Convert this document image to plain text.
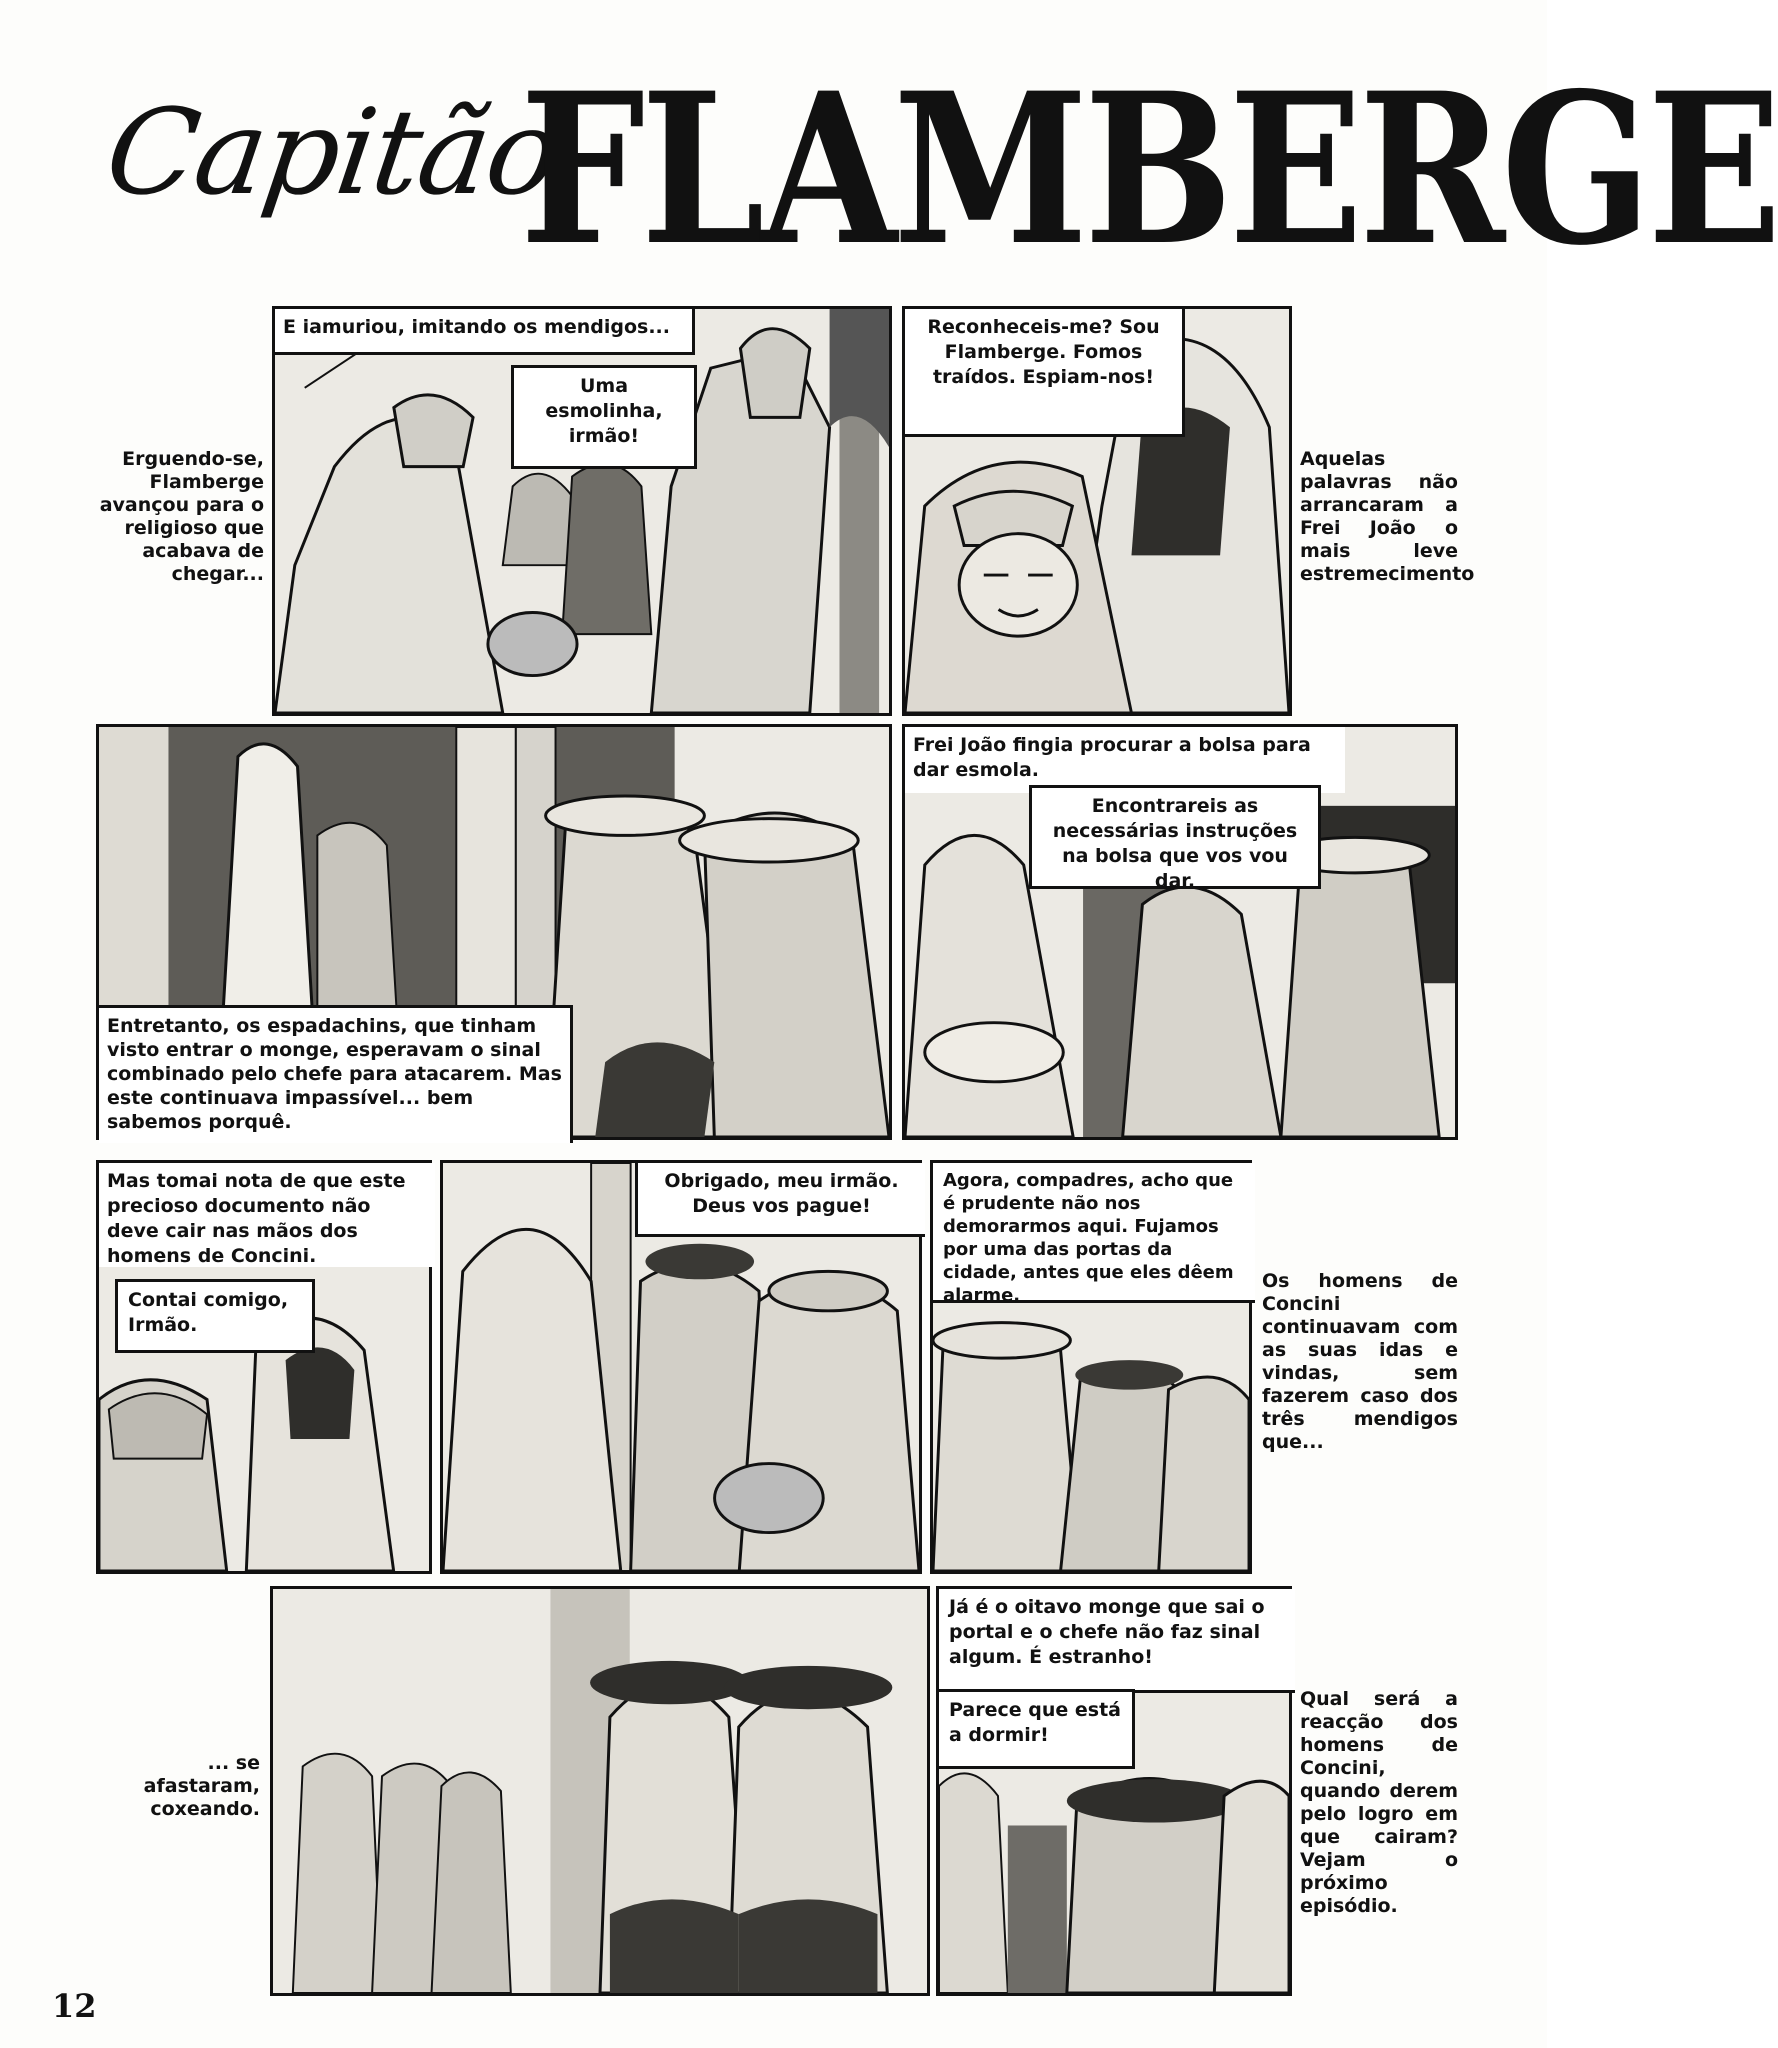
Capitão
FLAMBERGE
Erguendo-se, Flamberge avançou para o religioso que acabava de chegar...
E iamuriou, imitando os mendigos...
Uma esmolinha, irmão!
Reconheceis-me? Sou Flamberge. Fomos traídos. Espiam-nos!
Aquelas palavras não arrancaram a Frei João o mais leve estremecimento
Entretanto, os espadachins, que tinham visto entrar o monge, esperavam o sinal combinado pelo chefe para atacarem. Mas este continuava impassível... bem sabemos porquê.
Frei João fingia procurar a bolsa para dar esmola.
Encontrareis as necessárias instruções na bolsa que vos vou dar.
Mas tomai nota de que este precioso documento não deve cair nas mãos dos homens de Concini.
Contai comigo, Irmão.
Obrigado, meu irmão. Deus vos pague!
Agora, compadres, acho que é prudente não nos demorarmos aqui. Fujamos por uma das portas da cidade, antes que eles dêem alarme.
Os homens de Concini continuavam com as suas idas e vindas, sem fazerem caso dos três mendigos que...
... se afastaram, coxeando.
Já é o oitavo monge que sai o portal e o chefe não faz sinal algum. É estranho!
Parece que está a dormir!
Qual será a reacção dos homens de Concini, quando derem pelo logro em que cairam? Vejam o próximo episódio.
12
